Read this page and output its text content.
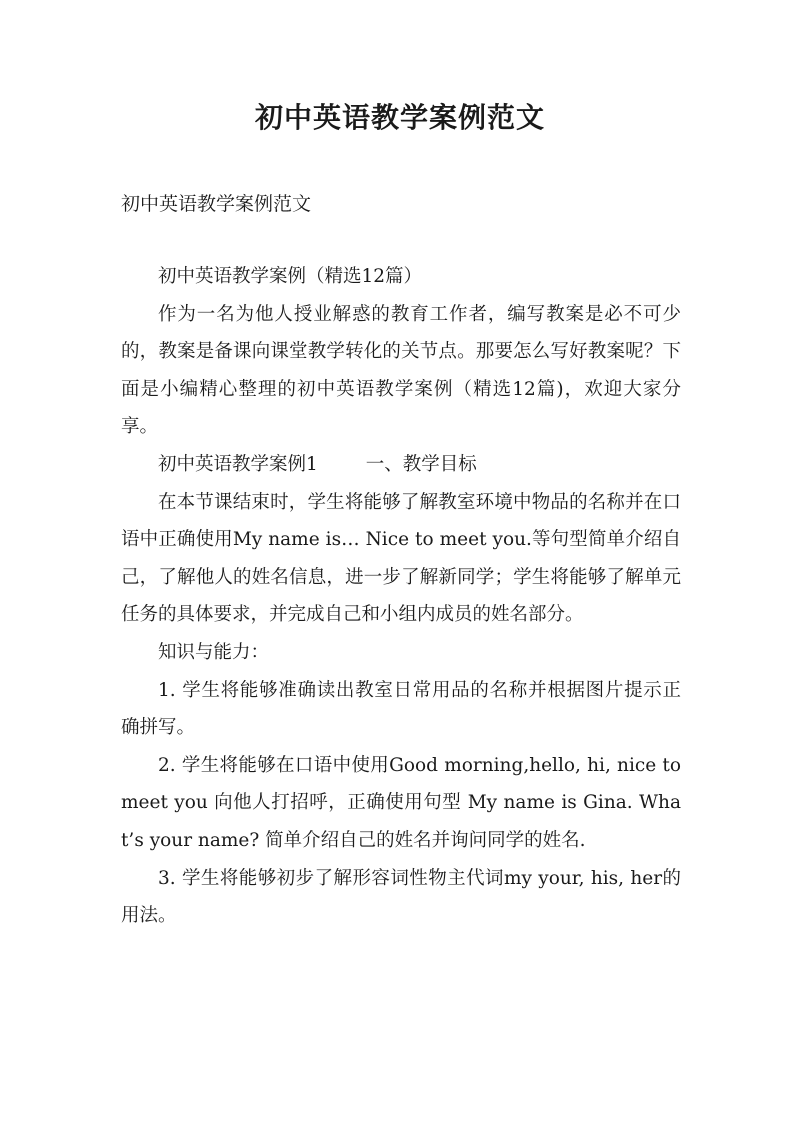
初中英语教学案例范文
初中英语教学案例范文

初中英语教学案例（精选12篇）

作为一名为他人授业解惑的教育工作者，编写教案是必不可少的，教案是备课向课堂教学转化的关节点。那要怎么写好教案呢？下面是小编精心整理的初中英语教学案例（精选12篇)，欢迎大家分享。

初中英语教学案例1	一、教学目标

在本节课结束时，学生将能够了解教室环境中物品的名称并在口语中正确使用My name is… Nice to meet you.等句型简单介绍自己，了解他人的姓名信息，进一步了解新同学；学生将能够了解单元任务的具体要求，并完成自己和小组内成员的姓名部分。

知识与能力：

1. 学生将能够准确读出教室日常用品的名称并根据图片提示正确拼写。

2. 学生将能够在口语中使用Good morning,hello, hi, nice to meet you 向他人打招呼，正确使用句型 My name is Gina. What’s your name? 简单介绍自己的姓名并询问同学的姓名.

3. 学生将能够初步了解形容词性物主代词my your, his, her的用法。
